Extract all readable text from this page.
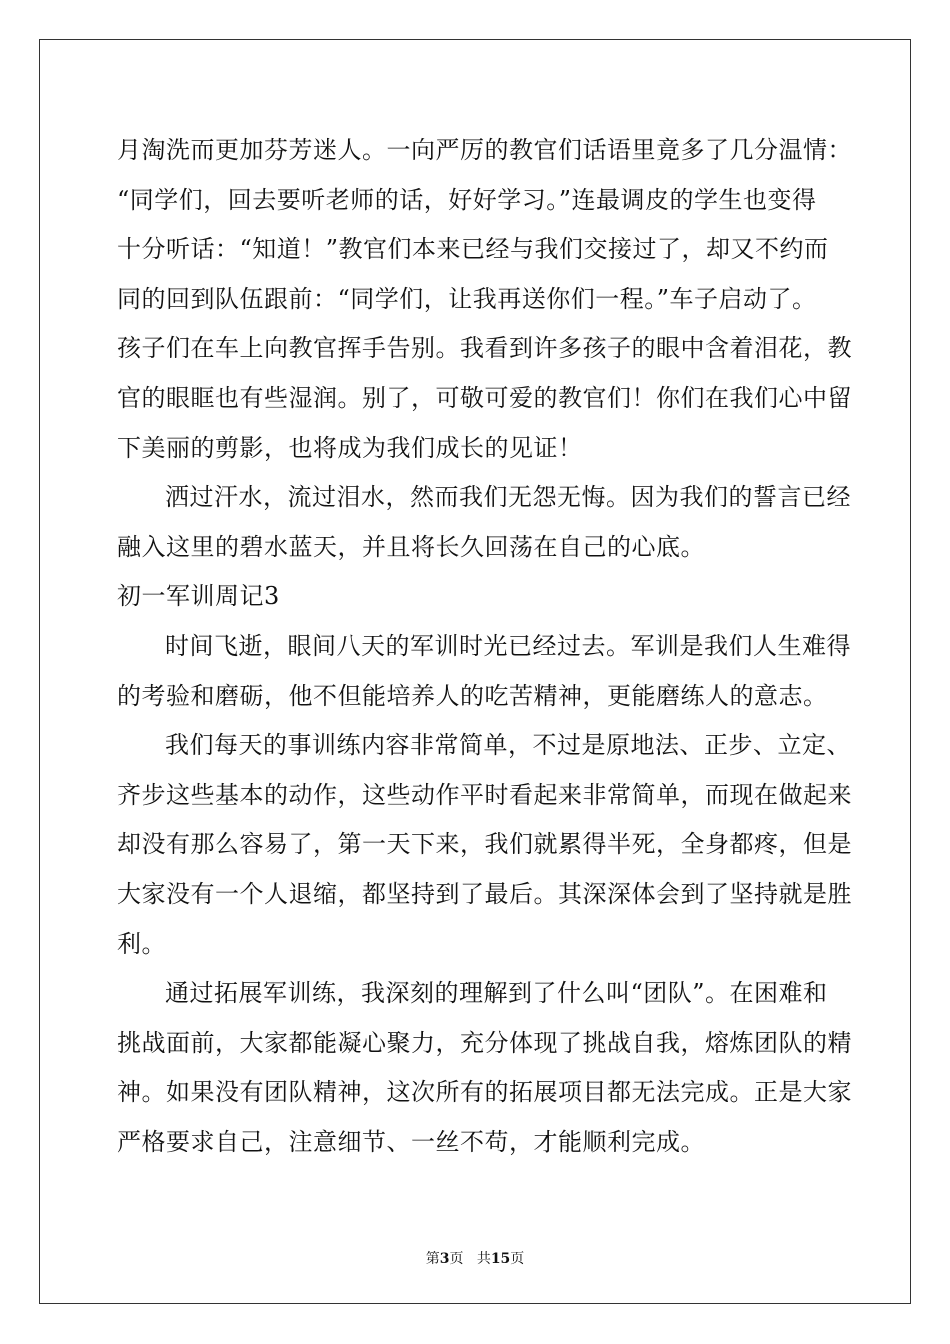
月淘洗而更加芬芳迷人。一向严厉的教官们话语里竟多了几分温情：
“同学们，回去要听老师的话，好好学习。”连最调皮的学生也变得
十分听话：“知道！”教官们本来已经与我们交接过了，却又不约而
同的回到队伍跟前：“同学们，让我再送你们一程。”车子启动了。
孩子们在车上向教官挥手告别。我看到许多孩子的眼中含着泪花，教
官的眼眶也有些湿润。别了，可敬可爱的教官们！你们在我们心中留
下美丽的剪影，也将成为我们成长的见证！
洒过汗水，流过泪水，然而我们无怨无悔。因为我们的誓言已经
融入这里的碧水蓝天，并且将长久回荡在自己的心底。
初一军训周记3
时间飞逝，眼间八天的军训时光已经过去。军训是我们人生难得
的考验和磨砺，他不但能培养人的吃苦精神，更能磨练人的意志。
我们每天的事训练内容非常简单，不过是原地法、正步、立定、
齐步这些基本的动作，这些动作平时看起来非常简单，而现在做起来
却没有那么容易了，第一天下来，我们就累得半死，全身都疼，但是
大家没有一个人退缩，都坚持到了最后。其深深体会到了坚持就是胜
利。
通过拓展军训练，我深刻的理解到了什么叫“团队”。在困难和
挑战面前，大家都能凝心聚力，充分体现了挑战自我，熔炼团队的精
神。如果没有团队精神，这次所有的拓展项目都无法完成。正是大家
严格要求自己，注意细节、一丝不苟，才能顺利完成。
第3页 共15页
